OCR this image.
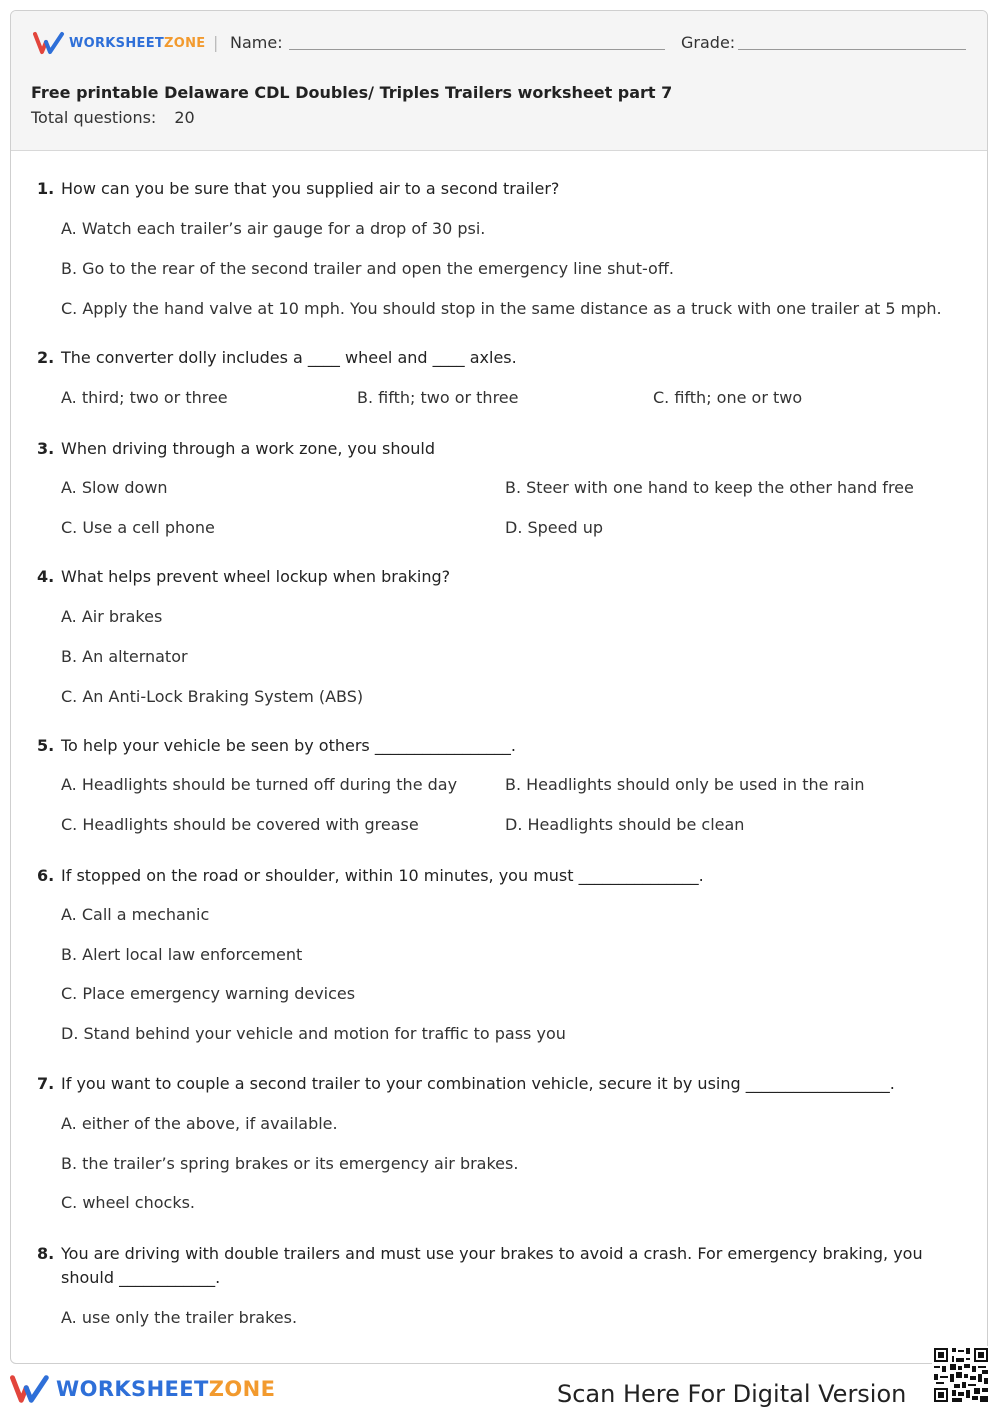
WORKSHEETZONE | Name:	Grade:
Free printable Delaware CDL Doubles/ Triples Trailers worksheet part 7
Total questions: 20
1. How can you be sure that you supplied air to a second trailer?
A. Watch each trailer’s air gauge for a drop of 30 psi.
B. Go to the rear of the second trailer and open the emergency line shut-off.
C. Apply the hand valve at 10 mph. You should stop in the same distance as a truck with one trailer at 5 mph.
2. The converter dolly includes a ____ wheel and ____ axles.
A. third; two or three	B. fifth; two or three	C. fifth; one or two
3. When driving through a work zone, you should
A. Slow down	B. Steer with one hand to keep the other hand free
C. Use a cell phone	D. Speed up
4. What helps prevent wheel lockup when braking?
A. Air brakes
B. An alternator
C. An Anti-Lock Braking System (ABS)
5. To help your vehicle be seen by others _________________.
A. Headlights should be turned off during the day	B. Headlights should only be used in the rain
C. Headlights should be covered with grease	D. Headlights should be clean
6. If stopped on the road or shoulder, within 10 minutes, you must _______________.
A. Call a mechanic
B. Alert local law enforcement
C. Place emergency warning devices
D. Stand behind your vehicle and motion for traffic to pass you
7. If you want to couple a second trailer to your combination vehicle, secure it by using __________________.
A. either of the above, if available.
B. the trailer’s spring brakes or its emergency air brakes.
C. wheel chocks.
8. You are driving with double trailers and must use your brakes to avoid a crash. For emergency braking, you
should ____________.
A. use only the trailer brakes.
WORKSHEETZONE	Scan Here For Digital Version
